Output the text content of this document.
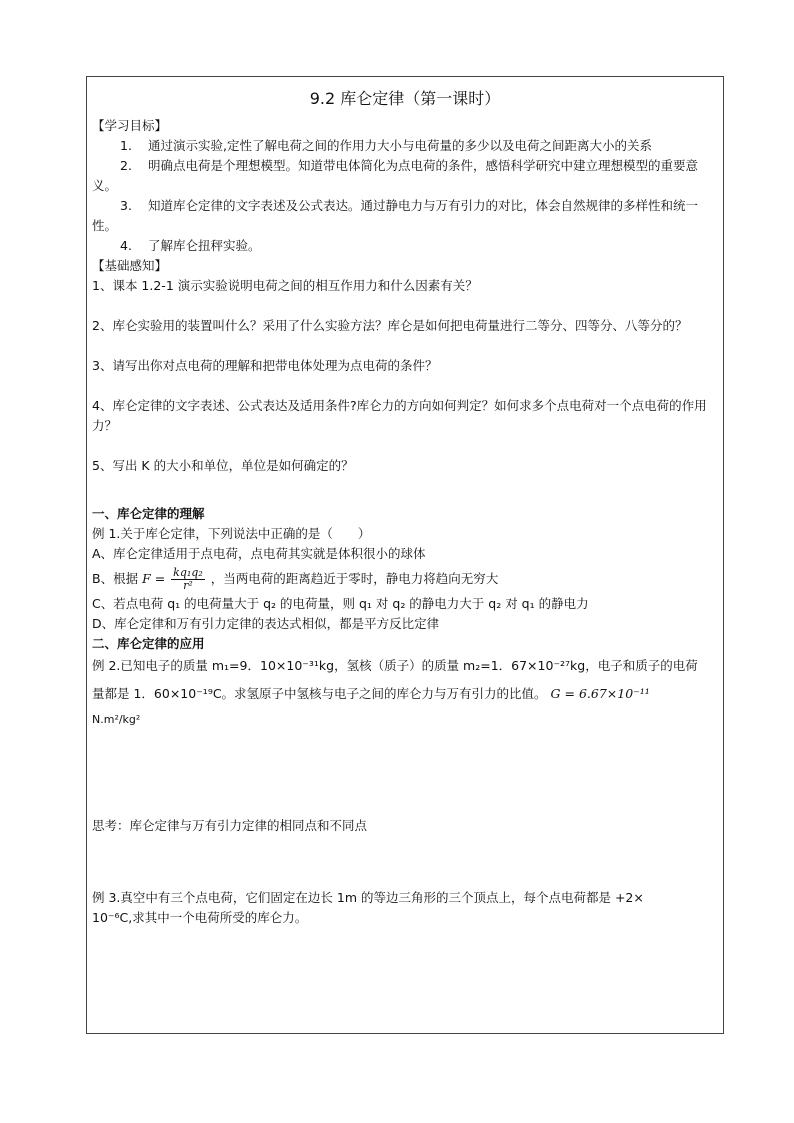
9.2 库仑定律（第一课时）

【学习目标】

1. 通过演示实验,定性了解电荷之间的作用力大小与电荷量的多少以及电荷之间距离大小的关系

2. 明确点电荷是个理想模型。知道带电体简化为点电荷的条件，感悟科学研究中建立理想模型的重要意义。

3. 知道库仑定律的文字表述及公式表达。通过静电力与万有引力的对比，体会自然规律的多样性和统一性。

4. 了解库仑扭秤实验。

【基础感知】

1、课本 1.2-1 演示实验说明电荷之间的相互作用力和什么因素有关？

2、库仑实验用的装置叫什么？采用了什么实验方法？库仑是如何把电荷量进行二等分、四等分、八等分的？

3、请写出你对点电荷的理解和把带电体处理为点电荷的条件？

4、库仑定律的文字表述、公式表达及适用条件?库仑力的方向如何判定？如何求多个点电荷对一个点电荷的作用力？

5、写出 K 的大小和单位，单位是如何确定的？

一、库仑定律的理解

例 1.关于库仑定律，下列说法中正确的是（　　）

A、库仑定律适用于点电荷，点电荷其实就是体积很小的球体

B、根据 $F = \frac{\text{kq₁q₂}}{\text{r²}}$ ，当两电荷的距离趋近于零时，静电力将趋向无穷大

C、若点电荷 q₁ 的电荷量大于 q₂ 的电荷量，则 q₁ 对 q₂ 的静电力大于 q₂ 对 q₁ 的静电力

D、库仑定律和万有引力定律的表达式相似，都是平方反比定律

二、库仑定律的应用

例 2.已知电子的质量 m₁=9．10×10⁻³¹kg，氢核（质子）的质量 m₂=1．67×10⁻²⁷kg，电子和质子的电荷

量都是 1．60×10⁻¹⁹C。求氢原子中氢核与电子之间的库仑力与万有引力的比值。 G = 6.67×10⁻¹¹

N.m²/kg²

思考：库仑定律与万有引力定律的相同点和不同点

例 3.真空中有三个点电荷，它们固定在边长 1m 的等边三角形的三个顶点上，每个点电荷都是 +2×

10⁻⁶C,求其中一个电荷所受的库仑力。
